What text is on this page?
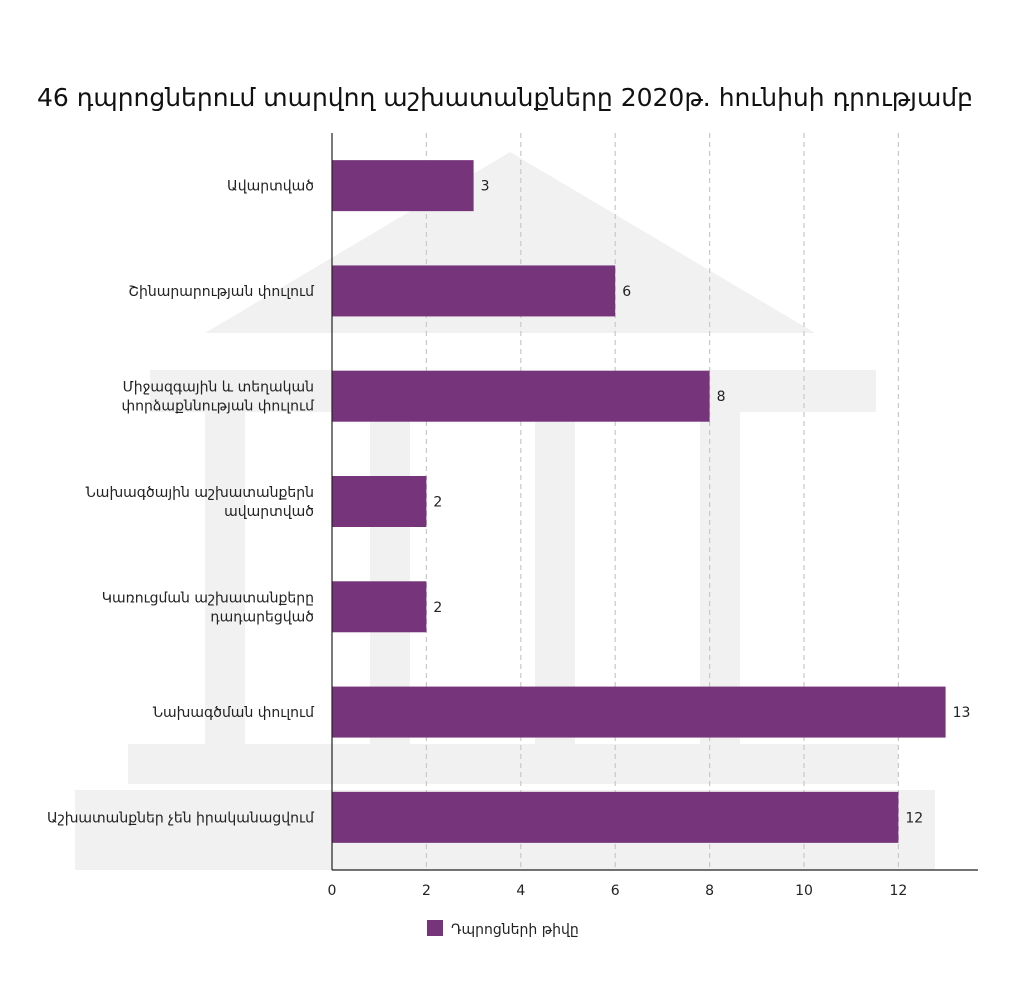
46 դպրոցներում տարվող աշխատանքները 2020թ. հունիսի դրությամբ
0	2	4	6	8	10	12
3
Ավարտված
6
Շինարարության փուլում
8
Միջազգային և տեղական
փորձաքննության փուլում
2
Նախագծային աշխատանքերն
ավարտված
2
Կառուցման աշխատանքերը
դադարեցված
13
Նախագծման փուլում
12
Աշխատանքներ չեն իրականացվում
Դպրոցների թիվը
